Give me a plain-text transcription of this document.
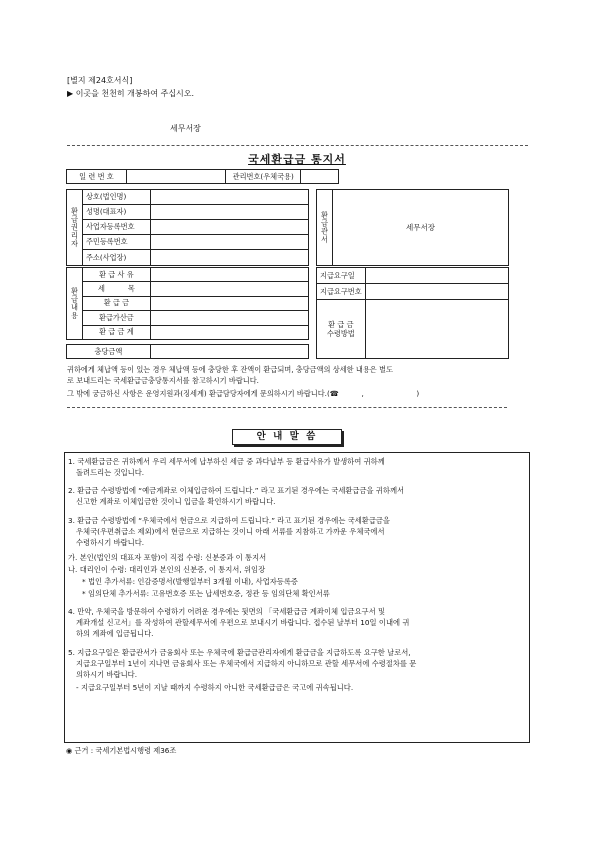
[별지 제24호서식]
▶ 이곳을 천천히 개봉하여 주십시오.
세무서장
국세환급금 통지서
일 련 번 호		관리번호(우체국용)	
환급권리자	상호(법인명)	
	성명(대표자)	
	사업자등록번호	
	주민등록번호	
	주소(사업장)	
환급관서	세무서장
환급내용	환 급 사 유	
	세          목	
	환 급 금	
	환급가산금	
	환 급 금 계	
충당금액	
지급요구일	
지급요구번호	
환 급 금
수령방법	
귀하에게 체납액 등이 있는 경우 체납액 등에 충당한 후 잔액이 환급되며, 충당금액의 상세한 내용은 별도
로 보내드리는 국세환급금충당통지서를 참고하시기 바랍니다.
그 밖에 궁금하신 사항은 운영지원과(징세계) 환급담당자에게 문의하시기 바랍니다.(☎          ,                       )
안 내 말 씀
1. 국세환급금은 귀하께서 우리 세무서에 납부하신 세금 중 과다납부 등 환급사유가 발생하여 귀하께
돌려드리는 것입니다.
2. 환급금 수령방법에 “예금계좌로 이체입금하여 드립니다.” 라고 표기된 경우에는 국세환급금을 귀하께서
신고한 계좌로 이체입금한 것이니 입금을 확인하시기 바랍니다.
3. 환급금 수령방법에 “우체국에서 현금으로 지급하여 드립니다.” 라고 표기된 경우에는 국세환급금을
우체국(우편취급소 제외)에서 현금으로 지급하는 것이니 아래 서류를 지참하고 가까운 우체국에서
수령하시기 바랍니다.
가. 본인(법인의 대표자 포함)이 직접 수령: 신분증과 이 통지서
나. 대리인이 수령: 대리인과 본인의 신분증, 이 통지서, 위임장
* 법인 추가서류: 인감증명서(발행일부터 3개월 이내), 사업자등록증
* 임의단체 추가서류: 고유번호증 또는 납세번호증, 정관 등 임의단체 확인서류
4. 만약, 우체국을 방문하여 수령하기 어려운 경우에는 뒷면의 「국세환급금 계좌이체 입금요구서 및
계좌개설 신고서」를 작성하여 관할세무서에 우편으로 보내시기 바랍니다. 접수된 날부터 10일 이내에 귀
하의 계좌에 입금됩니다.
5. 지급요구일은 환급관서가 금융회사 또는 우체국에 환급금관리자에게 환급금을 지급하도록 요구한 날로서,
지급요구일부터 1년이 지나면 금융회사 또는 우체국에서 지급하지 아니하므로 관할 세무서에 수령절차를 문
의하시기 바랍니다.
- 지급요구일부터 5년이 지날 때까지 수령하지 아니한 국세환급금은 국고에 귀속됩니다.
◉ 근거 : 국세기본법시행령 제36조
